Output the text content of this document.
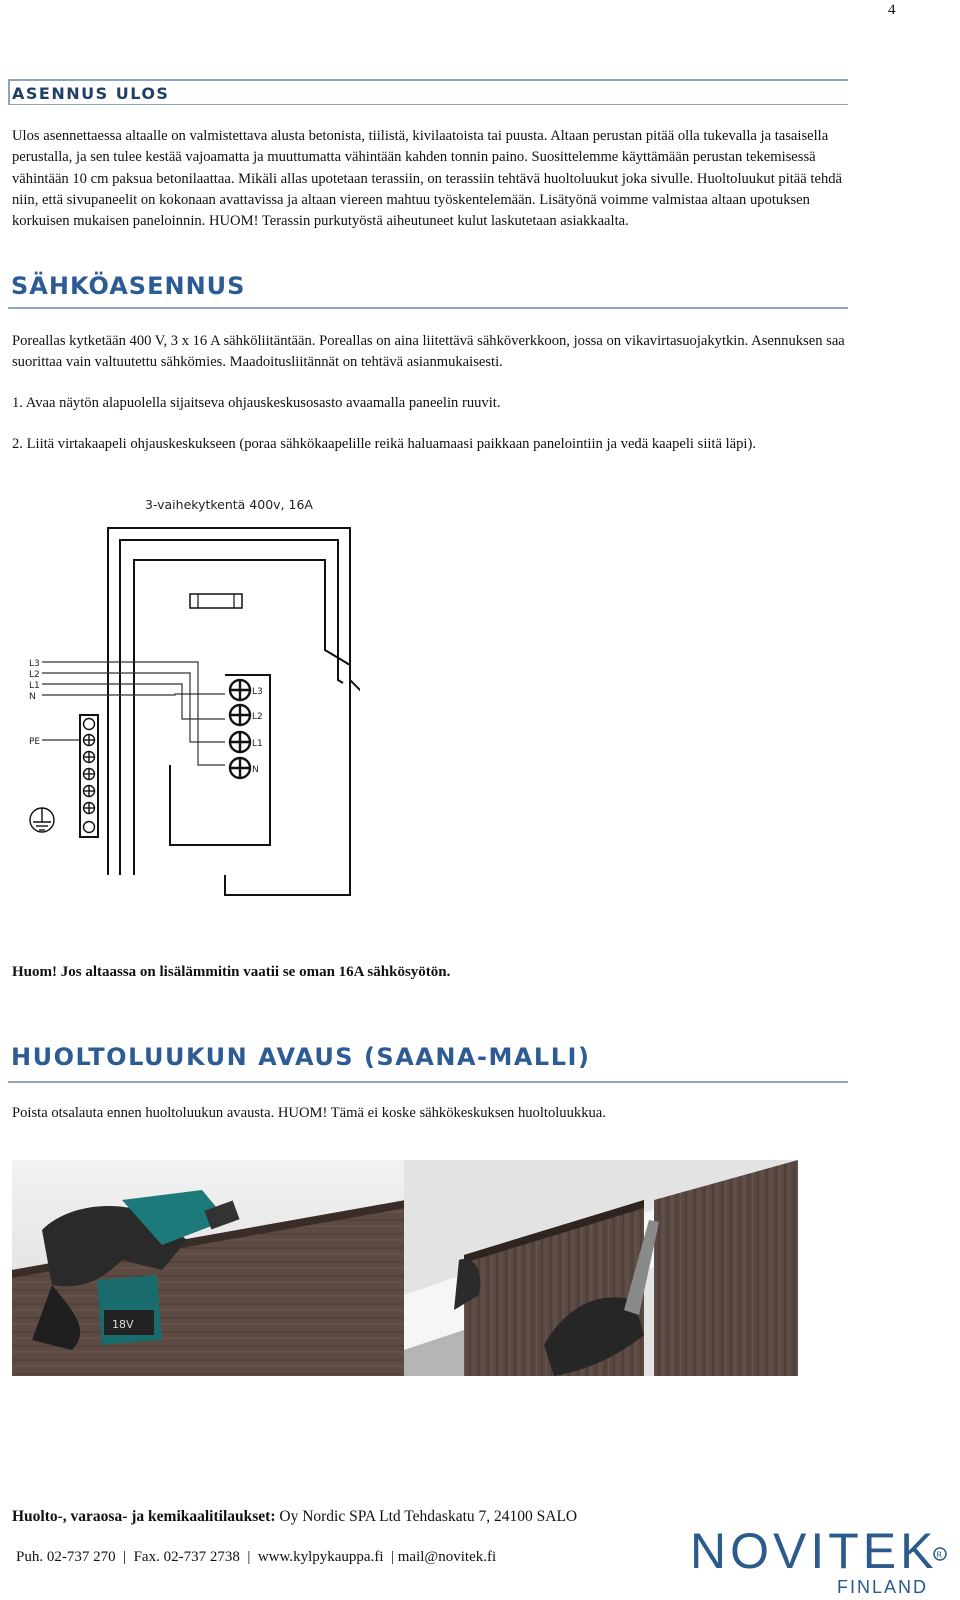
4
ASENNUS ULOS

Ulos asennettaessa altaalle on valmistettava alusta betonista, tiilistä, kivilaatoista tai puusta. Altaan perustan pitää olla tukevalla ja tasaisella perustalla, ja sen tulee kestää vajoamatta ja muuttumatta vähintään kahden tonnin paino. Suosittelemme käyttämään perustan tekemisessä vähintään 10 cm paksua betonilaattaa. Mikäli allas upotetaan terassiin, on terassiin tehtävä huoltoluukut joka sivulle. Huoltoluukut pitää tehdä niin, että sivupaneelit on kokonaan avattavissa ja altaan viereen mahtuu työskentelemään. Lisätyönä voimme valmistaa altaan upotuksen korkuisen mukaisen paneloinnin. HUOM! Terassin purkutyöstä aiheutuneet kulut laskutetaan asiakkaalta.

SÄHKÖASENNUS

Poreallas kytketään 400 V, 3 x 16 A sähköliitäntään. Poreallas on aina liitettävä sähköverkkoon, jossa on vikavirtasuojakytkin. Asennuksen saa suorittaa vain valtuutettu sähkömies. Maadoitusliitännät on tehtävä asianmukaisesti.

1. Avaa näytön alapuolella sijaitseva ohjauskeskusosasto avaamalla paneelin ruuvit.

2. Liitä virtakaapeli ohjauskeskukseen (poraa sähkökaapelille reikä haluamaasi paikkaan panelointiin ja vedä kaapeli siitä läpi).

3-vaihekytkentä 400v, 16A
L3
L2
L1
N
PE
L3
L2
L1
N
Huom! Jos altaassa on lisälämmitin vaatii se oman 16A sähkösyötön.
HUOLTOLUUKUN AVAUS (SAANA-MALLI)

Poista otsalauta ennen huoltoluukun avausta. HUOM! Tämä ei koske sähkökeskuksen huoltoluukkua.

18V
Huolto-, varaosa- ja kemikaalitilaukset: Oy Nordic SPA Ltd Tehdaskatu 7, 24100 SALO
Puh. 02-737 270  |  Fax. 02-737 2738  |  www.kylpykauppa.fi  | mail@novitek.fi	NOVITEK R
FINLAND
